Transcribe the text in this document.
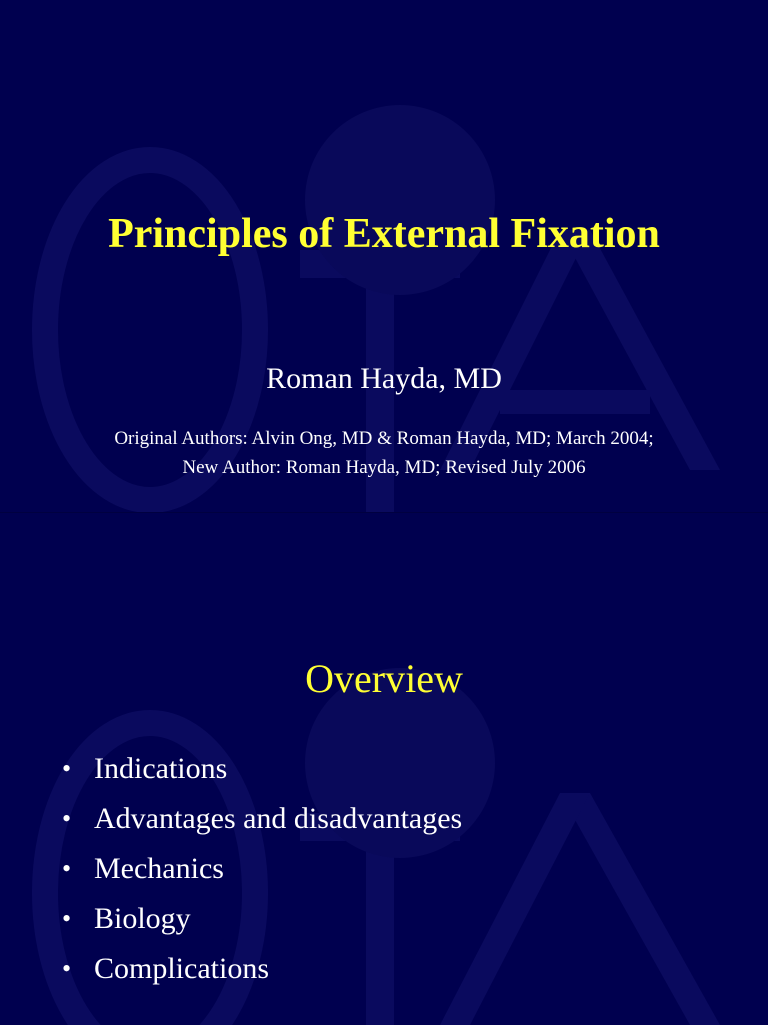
Principles of External Fixation
Roman Hayda, MD
Original Authors: Alvin Ong, MD & Roman Hayda, MD; March 2004;
New Author: Roman Hayda, MD; Revised July 2006
Overview
• Indications
• Advantages and disadvantages
• Mechanics
• Biology
• Complications
